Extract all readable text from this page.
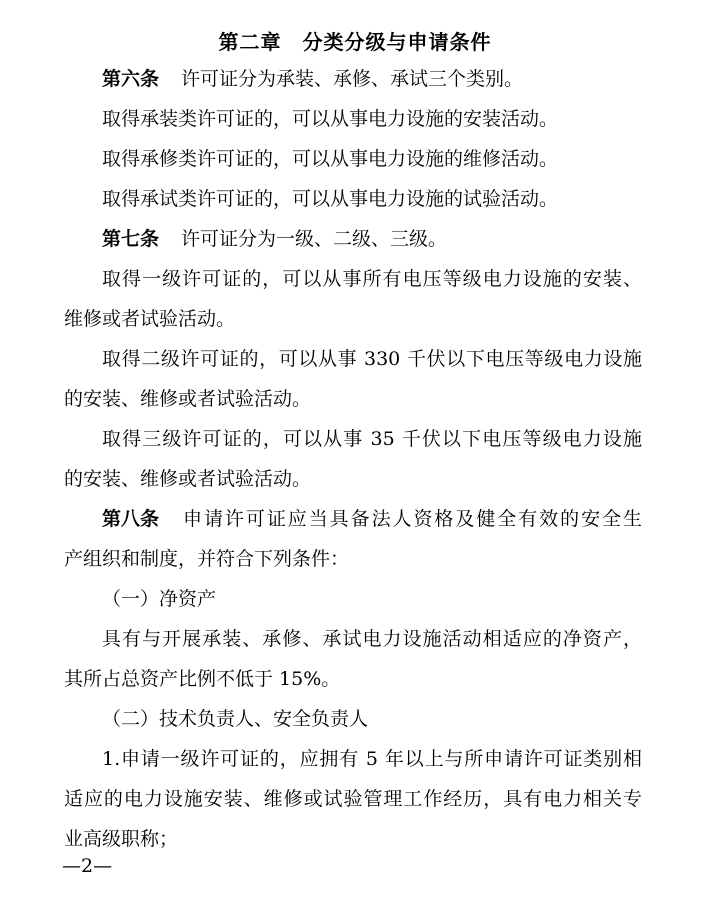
第二章　分类分级与申请条件
第六条 许可证分为承装、承修、承试三个类别。
取得承装类许可证的，可以从事电力设施的安装活动。
取得承修类许可证的，可以从事电力设施的维修活动。
取得承试类许可证的，可以从事电力设施的试验活动。
第七条 许可证分为一级、二级、三级。
取得一级许可证的，可以从事所有电压等级电力设施的安装、
维修或者试验活动。
取得二级许可证的，可以从事 330 千伏以下电压等级电力设施
的安装、维修或者试验活动。
取得三级许可证的，可以从事 35 千伏以下电压等级电力设施
的安装、维修或者试验活动。
第八条 申请许可证应当具备法人资格及健全有效的安全生
产组织和制度，并符合下列条件：
（一）净资产
具有与开展承装、承修、承试电力设施活动相适应的净资产，
其所占总资产比例不低于 15%。
（二）技术负责人、安全负责人
1.申请一级许可证的，应拥有 5 年以上与所申请许可证类别相
适应的电力设施安装、维修或试验管理工作经历，具有电力相关专
业高级职称；
—2—
